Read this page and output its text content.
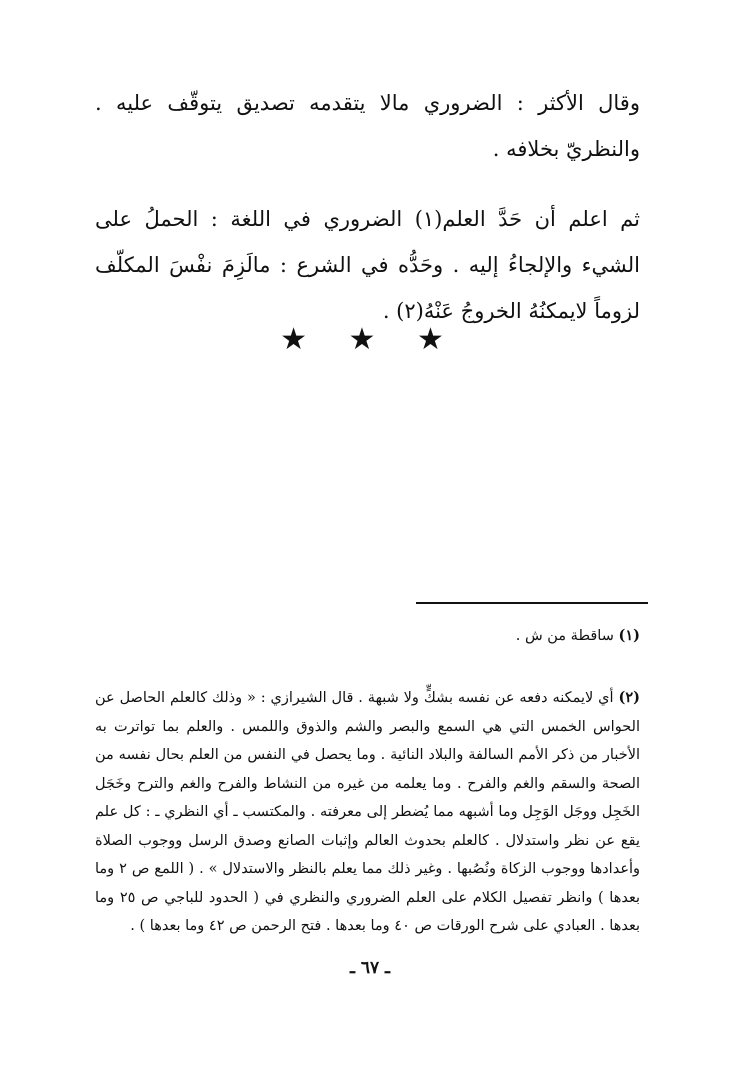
وقال الأكثر : الضروري مالا يتقدمه تصديق يتوقّف عليه . والنظريّ بخلافه .
ثم اعلم أن حَدَّ العلم(١) الضروري في اللغة : الحملُ على الشيء والإلجاءُ إليه . وحَدُّه في الشرع : مالَزِمَ نفْسَ المكلّف لزوماً لايمكنُهُ الخروجُ عَنْهُ(٢) .
★ ★ ★
(١) ساقطة من ش .
(٢) أي لايمكنه دفعه عن نفسه بشكٍّ ولا شبهة . قال الشيرازي : « وذلك كالعلم الحاصل عن الحواس الخمس التي هي السمع والبصر والشم والذوق واللمس . والعلم بما تواترت به الأخبار من ذكر الأمم السالفة والبلاد النائية . وما يحصل في النفس من العلم بحال نفسه من الصحة والسقم والغم والفرح . وما يعلمه من غيره من النشاط والفرح والغم والترح وخَجَل الخَجِل ووجَل الوَجِل وما أشبهه مما يُضطر إلى معرفته . والمكتسب ـ أي النظري ـ : كل علم يقع عن نظر واستدلال . كالعلم بحدوث العالم وإثبات الصانع وصدق الرسل ووجوب الصلاة وأعدادها ووجوب الزكاة ونُصُبها . وغير ذلك مما يعلم بالنظر والاستدلال » . ( اللمع ص ٢ وما بعدها ) وانظر تفصيل الكلام على العلم الضروري والنظري في ( الحدود للباجي ص ٢٥ وما بعدها . العبادي على شرح الورقات ص ٤٠ وما بعدها . فتح الرحمن ص ٤٢ وما بعدها ) .
ـ ٦٧ ـ
